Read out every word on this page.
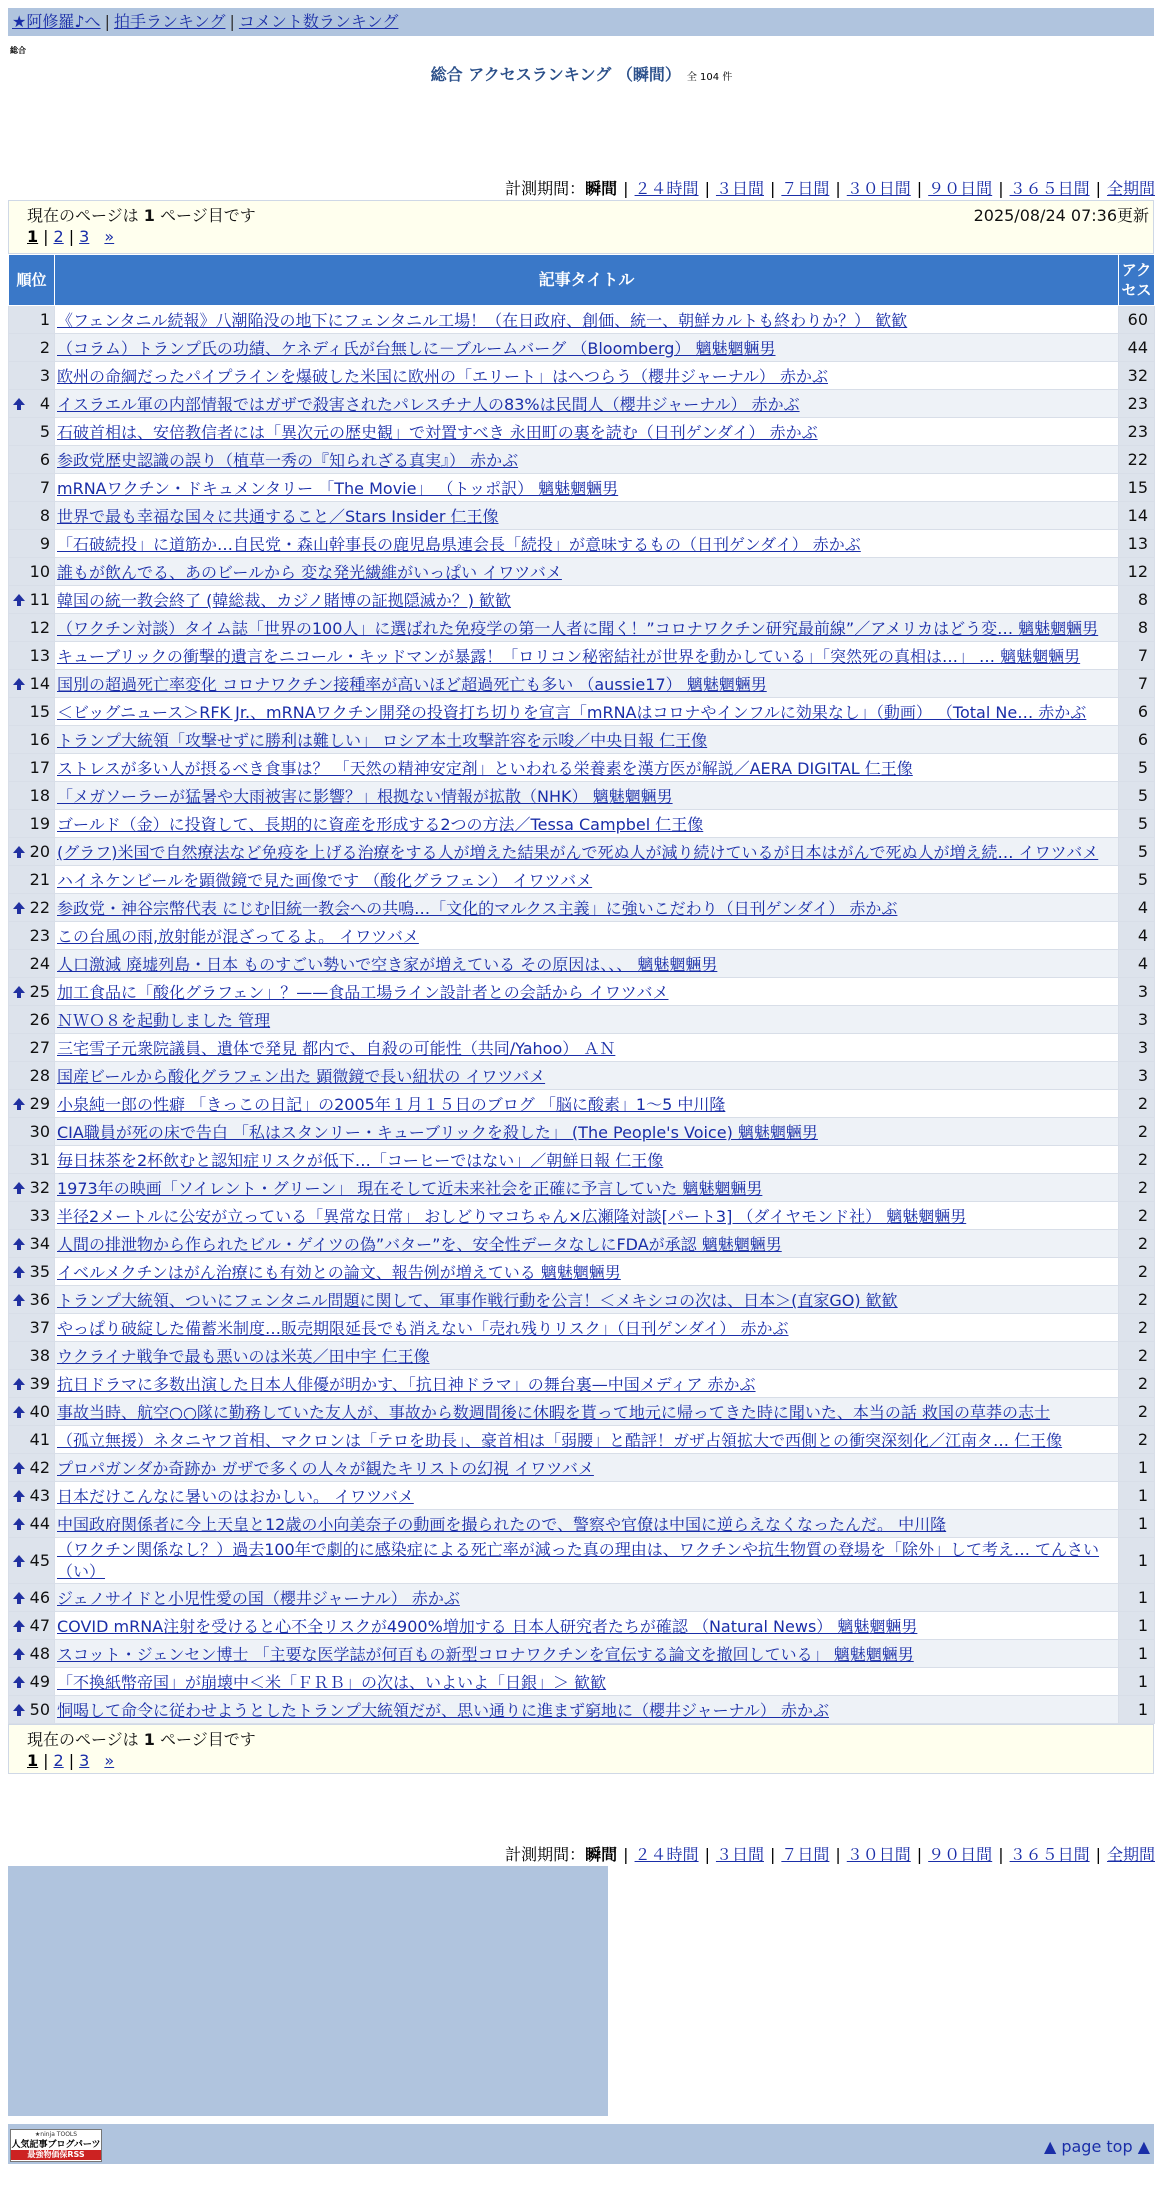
★阿修羅♪へ | 拍手ランキング | コメント数ランキング
総合
総合 アクセスランキング （瞬間） 全 104 件
計測期間：瞬間 | ２４時間 | ３日間 | ７日間 | ３０日間 | ９０日間 | ３６５日間 | 全期間
現在のページは 1 ページ目です	2025/08/24 07:36更新
1 | 2 | 3 »
順位	記事タイトル	アクセス
1	《フェンタニル続報》八潮陥没の地下にフェンタニル工場！（在日政府、創価、統一、朝鮮カルトも終わりか？） 歓歓	60
2	（コラム）トランプ氏の功績、ケネディ氏が台無しに－ブルームバーグ （Bloomberg） 魑魅魍魎男	44
3	欧州の命綱だったパイプラインを爆破した米国に欧州の「エリート」はへつらう（櫻井ジャーナル） 赤かぶ	32

4	イスラエル軍の内部情報ではガザで殺害されたパレスチナ人の83%は民間人（櫻井ジャーナル） 赤かぶ	23
5	石破首相は、安倍教信者には「異次元の歴史観」で対置すべき 永田町の裏を読む（日刊ゲンダイ） 赤かぶ	23
6	参政党歴史認識の誤り（植草一秀の『知られざる真実』） 赤かぶ	22
7	mRNAワクチン・ドキュメンタリー 「The Movie」 （トッポ訳） 魑魅魍魎男	15
8	世界で最も幸福な国々に共通すること／Stars Insider 仁王像	14
9	「石破続投」に道筋か…自民党・森山幹事長の鹿児島県連会長「続投」が意味するもの（日刊ゲンダイ） 赤かぶ	13
10	誰もが飲んでる、あのビールから 変な発光繊維がいっぱい イワツバメ	12

11	韓国の統一教会終了 (韓総裁、カジノ賭博の証拠隠滅か？) 歓歓	8
12	（ワクチン対談）タイム誌「世界の100人」に選ばれた免疫学の第一人者に聞く！”コロナワクチン研究最前線”／アメリカはどう変… 魑魅魍魎男	8
13	キューブリックの衝撃的遺言をニコール・キッドマンが暴露！「ロリコン秘密結社が世界を動かしている」「突然死の真相は…」 … 魑魅魍魎男	7

14	国別の超過死亡率変化 コロナワクチン接種率が高いほど超過死亡も多い （aussie17） 魑魅魍魎男	7
15	＜ビッグニュース＞RFK Jr.、mRNAワクチン開発の投資打ち切りを宣言「mRNAはコロナやインフルに効果なし」（動画） （Total Ne… 赤かぶ	6
16	トランプ大統領「攻撃せずに勝利は難しい」 ロシア本土攻撃許容を示唆／中央日報 仁王像	6
17	ストレスが多い人が摂るべき食事は？ 「天然の精神安定剤」といわれる栄養素を漢方医が解説／AERA DIGITAL 仁王像	5
18	「メガソーラーが猛暑や大雨被害に影響？」根拠ない情報が拡散（NHK） 魑魅魍魎男	5
19	ゴールド（金）に投資して、長期的に資産を形成する2つの方法／Tessa Campbel 仁王像	5

20	(グラフ)米国で自然療法など免疫を上げる治療をする人が増えた結果がんで死ぬ人が減り続けているが日本はがんで死ぬ人が増え続… イワツバメ	5
21	ハイネケンビールを顕微鏡で見た画像です （酸化グラフェン） イワツバメ	5

22	参政党・神谷宗幣代表 にじむ旧統一教会への共鳴…「文化的マルクス主義」に強いこだわり（日刊ゲンダイ） 赤かぶ	4
23	この台風の雨,放射能が混ざってるよ。 イワツバメ	4
24	人口激減 廃墟列島・日本 ものすごい勢いで空き家が増えている その原因は、、、 魑魅魍魎男	4

25	加工食品に「酸化グラフェン」？——食品工場ライン設計者との会話から イワツバメ	3
26	ＮＷＯ８を起動しました 管理	3
27	三宅雪子元衆院議員、遺体で発見 都内で、自殺の可能性（共同/Yahoo） ＡＮ	3
28	国産ビールから酸化グラフェン出た 顕微鏡で長い紐状の イワツバメ	3

29	小泉純一郎の性癖 「きっこの日記」の2005年１月１５日のブログ 「脳に酸素」1～5 中川隆	2
30	CIA職員が死の床で告白 「私はスタンリー・キューブリックを殺した」 (The People's Voice) 魑魅魍魎男	2
31	毎日抹茶を2杯飲むと認知症リスクが低下…「コーヒーではない」／朝鮮日報 仁王像	2

32	1973年の映画「ソイレント・グリーン」 現在そして近未来社会を正確に予言していた 魑魅魍魎男	2
33	半径2メートルに公安が立っている「異常な日常」 おしどりマコちゃん×広瀬隆対談[パート3] （ダイヤモンド社） 魑魅魍魎男	2

34	人間の排泄物から作られたビル・ゲイツの偽”バター”を、安全性データなしにFDAが承認 魑魅魍魎男	2

35	イベルメクチンはがん治療にも有効との論文、報告例が増えている 魑魅魍魎男	2

36	トランプ大統領、ついにフェンタニル問題に関して、軍事作戦行動を公言！＜メキシコの次は、日本＞(直家GO) 歓歓	2
37	やっぱり破綻した備蓄米制度…販売期限延長でも消えない「売れ残りリスク」（日刊ゲンダイ） 赤かぶ	2
38	ウクライナ戦争で最も悪いのは米英／田中宇 仁王像	2

39	抗日ドラマに多数出演した日本人俳優が明かす、「抗日神ドラマ」の舞台裏—中国メディア 赤かぶ	2

40	事故当時、航空○○隊に勤務していた友人が、事故から数週間後に休暇を貰って地元に帰ってきた時に聞いた、本当の話 救国の草莽の志士	2
41	（孤立無援）ネタニヤフ首相、マクロンは「テロを助長」、豪首相は「弱腰」と酷評！ガザ占領拡大で西側との衝突深刻化／江南タ… 仁王像	2

42	プロパガンダか奇跡か ガザで多くの人々が観たキリストの幻視 イワツバメ	1

43	日本だけこんなに暑いのはおかしい。 イワツバメ	1

44	中国政府関係者に今上天皇と12歳の小向美奈子の動画を撮られたので、警察や官僚は中国に逆らえなくなったんだ。 中川隆	1

45	（ワクチン関係なし？）過去100年で劇的に感染症による死亡率が減った真の理由は、ワクチンや抗生物質の登場を「除外」して考え… てんさい（い）	1

46	ジェノサイドと小児性愛の国（櫻井ジャーナル） 赤かぶ	1

47	COVID mRNA注射を受けると心不全リスクが4900%増加する 日本人研究者たちが確認 （Natural News） 魑魅魍魎男	1

48	スコット・ジェンセン博士 「主要な医学誌が何百もの新型コロナワクチンを宣伝する論文を撤回している」 魑魅魍魎男	1

49	「不換紙幣帝国」が崩壊中＜米「ＦＲＢ」の次は、いよいよ「日銀」＞ 歓歓	1

50	恫喝して命令に従わせようとしたトランプ大統領だが、思い通りに進まず窮地に（櫻井ジャーナル） 赤かぶ	1
現在のページは 1 ページ目です
1 | 2 | 3 »
計測期間：瞬間 | ２４時間 | ３日間 | ７日間 | ３０日間 | ９０日間 | ３６５日間 | 全期間
★ninja TOOLS
人気記事ブログパーツ
最強物価保RSS	▲ page top ▲
